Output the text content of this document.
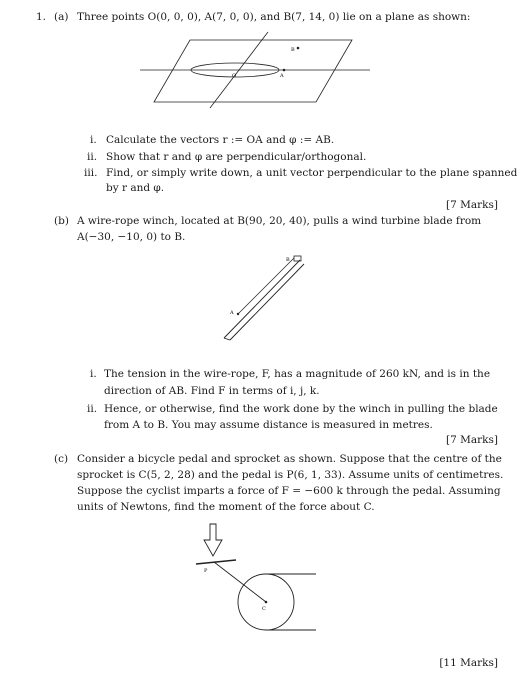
1. (a) Three points O(0, 0, 0), A(7, 0, 0), and B(7, 14, 0) lie on a plane as shown:
O	A
B
i. Calculate the vectors r := OA and φ := AB.
ii. Show that r and φ are perpendicular/orthogonal.
iii. Find, or simply write down, a unit vector perpendicular to the plane spanned
by r and φ.
[7 Marks]
(b) A wire-rope winch, located at B(90, 20, 40), pulls a wind turbine blade from
A(−30, −10, 0) to B.
B
A
i. The tension in the wire-rope, F, has a magnitude of 260 kN, and is in the
direction of AB. Find F in terms of i, j, k.
ii. Hence, or otherwise, find the work done by the winch in pulling the blade
from A to B. You may assume distance is measured in metres.
[7 Marks]
(c) Consider a bicycle pedal and sprocket as shown. Suppose that the centre of the
sprocket is C(5, 2, 28) and the pedal is P(6, 1, 33). Assume units of centimetres.
Suppose the cyclist imparts a force of F = −600 k through the pedal. Assuming
units of Newtons, find the moment of the force about C.
P
C
[11 Marks]
